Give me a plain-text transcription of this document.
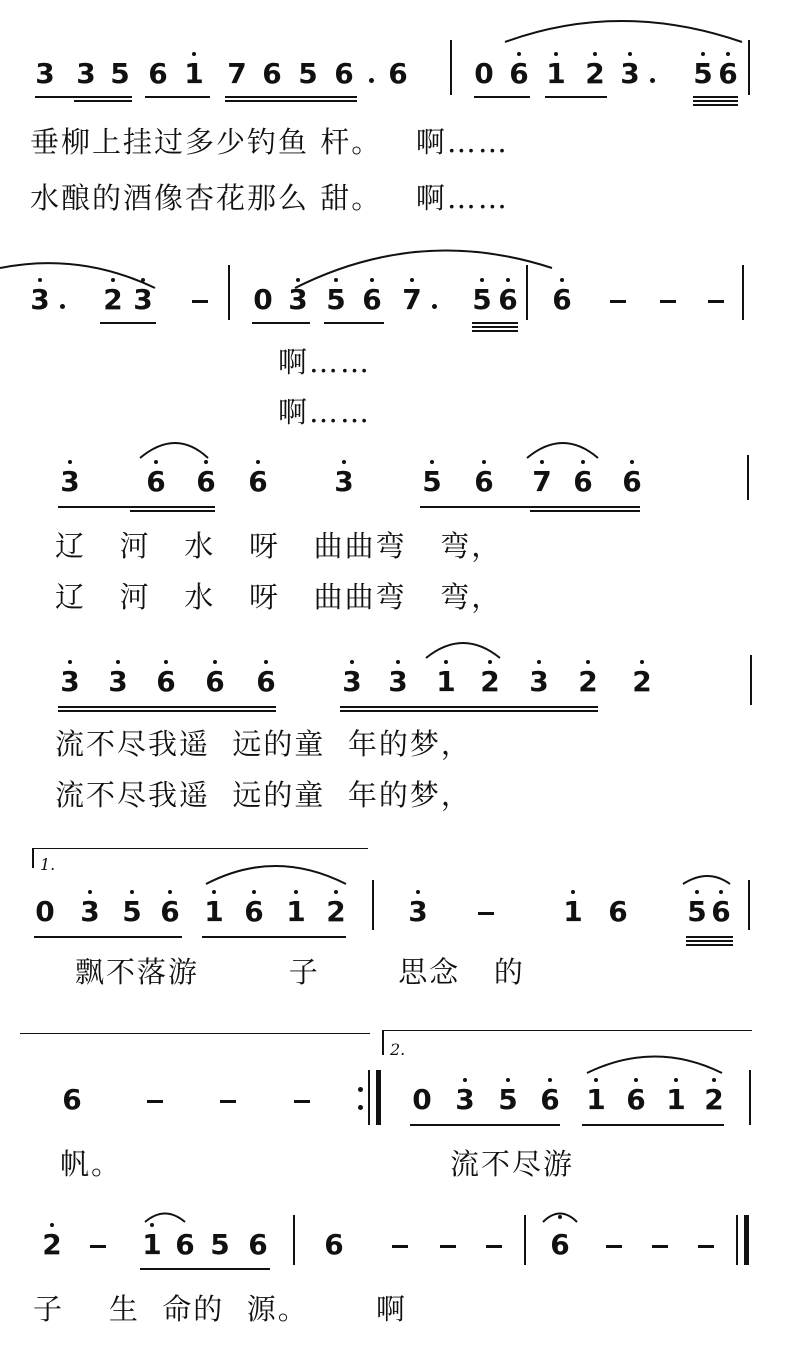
3 3 5 6 1 7 6 5 6 6 0 6 1 2 3 5 6
3 2 3	0 3 5 6 7 5 6 6
3 6 6 6 3 5 6 7 6 6
3 3 6 6 6 3 3 1 2 3 2 2
0 3 5 6 1 6 1 2 3	1 6 5 6
6	0 3 5 6 1 6 1 2
2	1 6 5 6 6	6
1.
2.
垂柳上挂过多少钓鱼 杆。   啊……
水酿的酒像杏花那么 甜。   啊……
啊……
啊……
辽   河   水   呀   曲曲弯   弯，
辽   河   水   呀   曲曲弯   弯，
流不尽我遥  远的童  年的梦，
流不尽我遥  远的童  年的梦，
飘不落游        子       思念   的
帆。	流不尽游
子    生  命的  源。      啊
